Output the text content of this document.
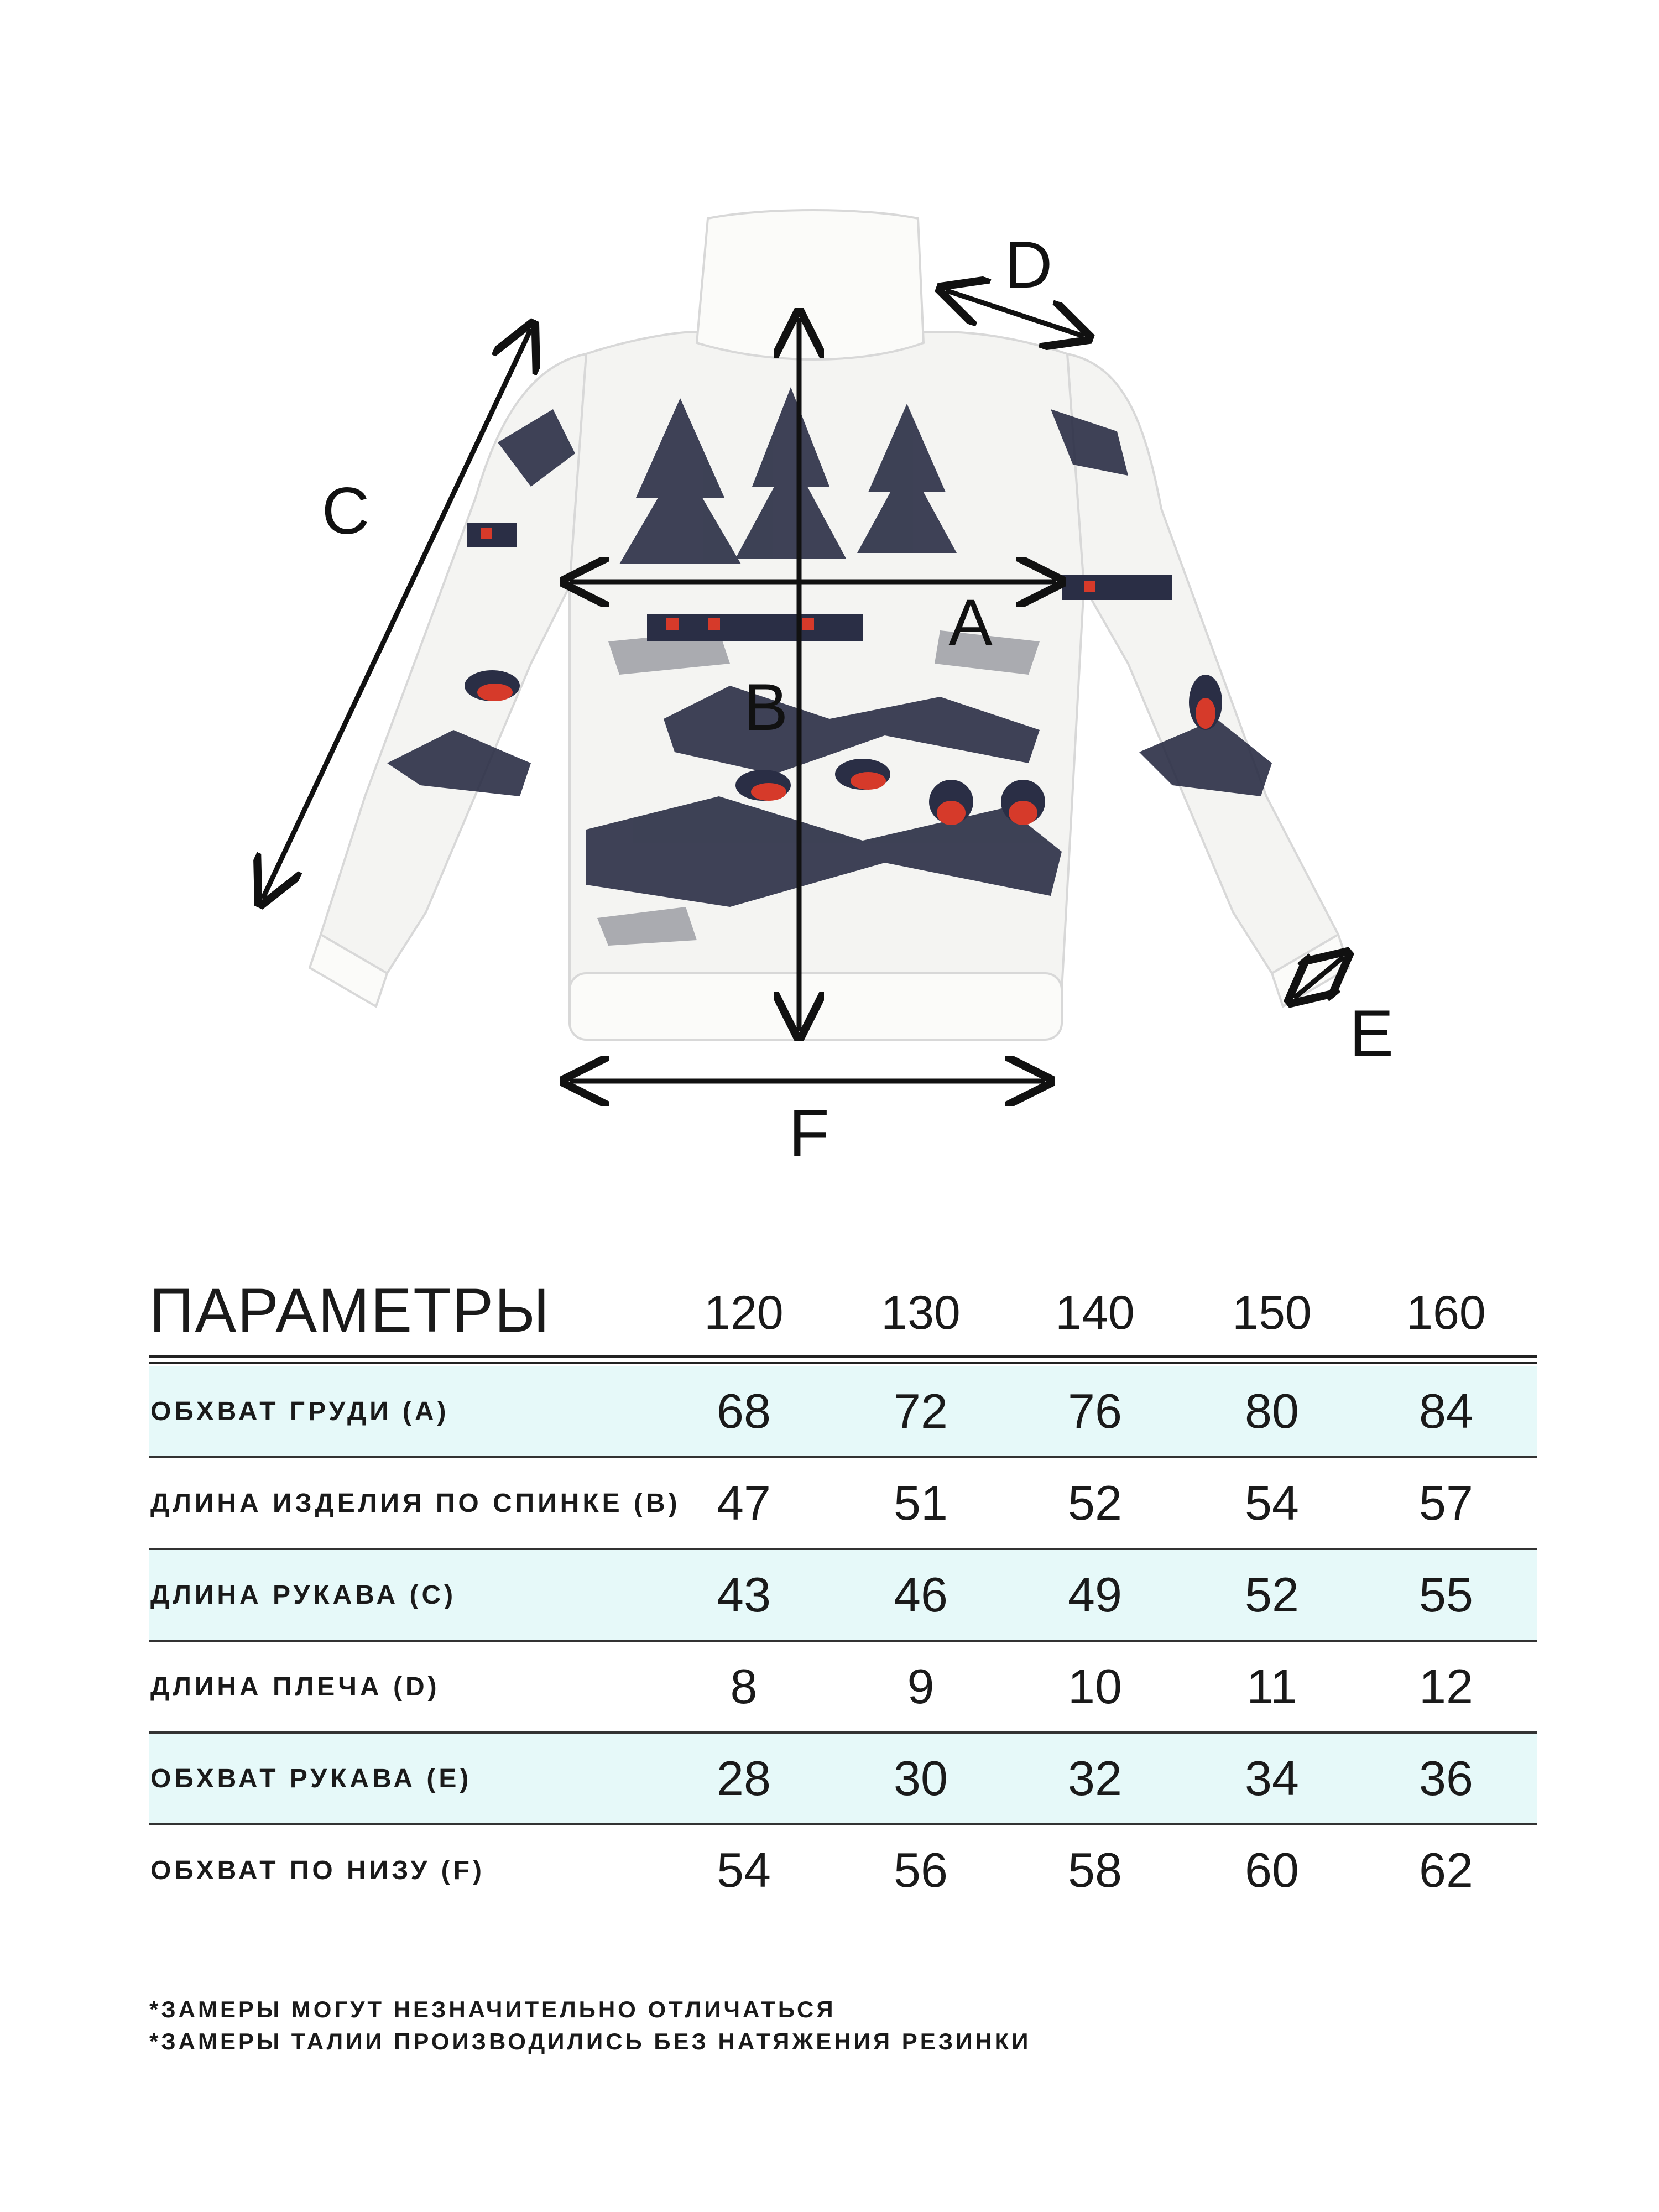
A
B
C
D
E
F
ПАРАМЕТРЫ	120	130	140	150	160
ОБХВАТ ГРУДИ (A)	68	72	76	80	84
ДЛИНА ИЗДЕЛИЯ ПО СПИНКЕ (B) 47	51	52	54	57
ДЛИНА РУКАВА (C)	43	46	49	52	55
ДЛИНА ПЛЕЧА (D)	8	9	10	11	12
ОБХВАТ РУКАВА (E)	28	30	32	34	36
ОБХВАТ ПО НИЗУ (F)	54	56	58	60	62
*ЗАМЕРЫ МОГУТ НЕЗНАЧИТЕЛЬНО ОТЛИЧАТЬСЯ
*ЗАМЕРЫ ТАЛИИ ПРОИЗВОДИЛИСЬ БЕЗ НАТЯЖЕНИЯ РЕЗИНКИ
